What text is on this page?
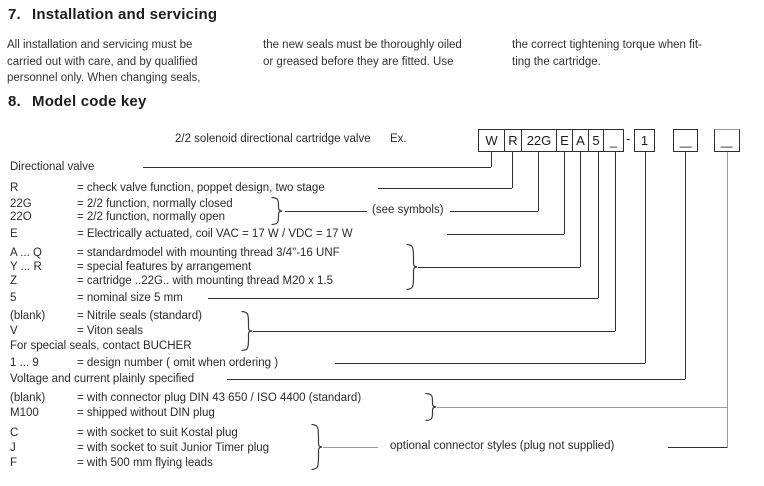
7. Installation and servicing
All installation and servicing must be
carried out with care, and by qualified
personnel only. When changing seals,
the new seals must be thoroughly oiled
or greased before they are fitted. Use
the correct tightening torque when fit-
ting the cartridge.
8. Model code key
2/2 solenoid directional cartridge valve Ex.	W R 22G E A 5 _ - 1 _ _
(see symbols)
optional connector styles (plug not supplied)
Directional valve
R	= check valve function, poppet design, two stage
22G	= 2/2 function, normally closed
22O	= 2/2 function, normally open
E	= Electrically actuated, coil VAC = 17 W / VDC = 17 W
A ... Q	= standardmodel with mounting thread 3/4"-16 UNF
Y ... R	= special features by arrangement
Z	= cartridge ..22G.. with mounting thread M20 x 1.5
5	= nominal size 5 mm
(blank)	= Nitrile seals (standard)
V	= Viton seals
For special seals, contact BUCHER
1 ... 9	= design number ( omit when ordering )
Voltage and current plainly specified
(blank)	= with connector plug DIN 43 650 / ISO 4400 (standard)
M100	= shipped without DIN plug
C	= with socket to suit Kostal plug
J	= with socket to suit Junior Timer plug
F	= with 500 mm flying leads
